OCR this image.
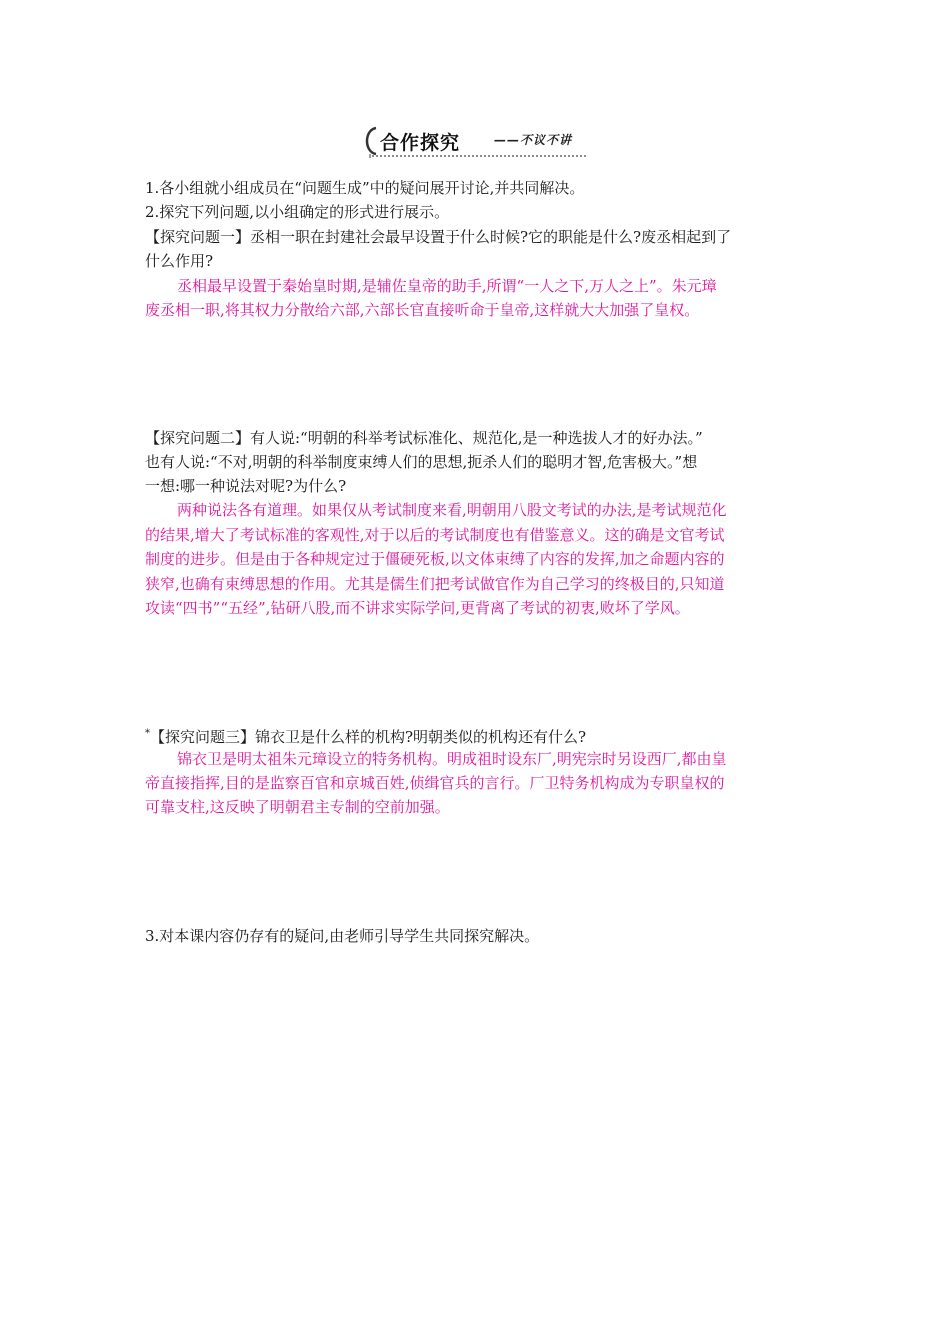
合作探究	——不议不讲
1.各小组就小组成员在“问题生成”中的疑问展开讨论,并共同解决。
2.探究下列问题,以小组确定的形式进行展示。
【探究问题一】丞相一职在封建社会最早设置于什么时候?它的职能是什么?废丞相起到了
什么作用?
丞相最早设置于秦始皇时期,是辅佐皇帝的助手,所谓“一人之下,万人之上”。朱元璋
废丞相一职,将其权力分散给六部,六部长官直接听命于皇帝,这样就大大加强了皇权。
【探究问题二】有人说:“明朝的科举考试标准化、规范化,是一种选拔人才的好办法。”
也有人说:“不对,明朝的科举制度束缚人们的思想,扼杀人们的聪明才智,危害极大。”想
一想:哪一种说法对呢?为什么?
两种说法各有道理。如果仅从考试制度来看,明朝用八股文考试的办法,是考试规范化
的结果,增大了考试标准的客观性,对于以后的考试制度也有借鉴意义。这的确是文官考试
制度的进步。但是由于各种规定过于僵硬死板,以文体束缚了内容的发挥,加之命题内容的
狭窄,也确有束缚思想的作用。尤其是儒生们把考试做官作为自己学习的终极目的,只知道
攻读“四书”“五经”,钻研八股,而不讲求实际学问,更背离了考试的初衷,败坏了学风。
*【探究问题三】锦衣卫是什么样的机构?明朝类似的机构还有什么?
锦衣卫是明太祖朱元璋设立的特务机构。明成祖时设东厂,明宪宗时另设西厂,都由皇
帝直接指挥,目的是监察百官和京城百姓,侦缉官兵的言行。厂卫特务机构成为专职皇权的
可靠支柱,这反映了明朝君主专制的空前加强。
3.对本课内容仍存有的疑问,由老师引导学生共同探究解决。
